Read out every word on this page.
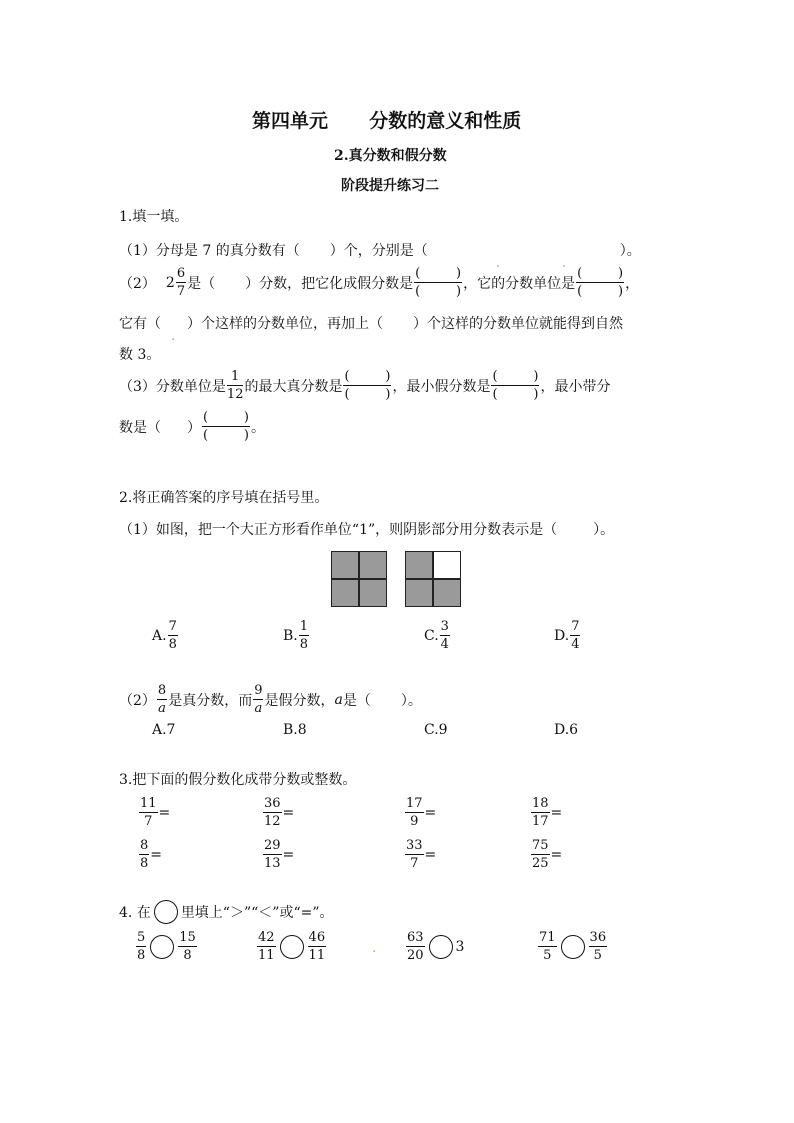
第四单元 分数的意义和性质
2.真分数和假分数
阶段提升练习二
1.填一填。
（1）分母是 7 的真分数有（ ）个，分别是（
.	.
）。
（2） $2 \frac{6}{7}$ 是（ ）分数，把它化成假分数是 (	)
(	) ，它的分数单位是 (	)
(	) ，
它有（
.
）个这样的分数单位，再加上（ ）个这样的分数单位就能得到自然
数 3。
（3）分数单位是 $\frac{1}{12}$ 的最大真分数是 (	)
(	) ，最小假分数是 (	)
(	) ，最小带分
数是（ ） (	)
(	) 。
2.将正确答案的序号填在括号里。
（1）如图，把一个大正方形看作单位“1”，则阴影部分用分数表示是（	）。
A. $\frac{7}{8}$	B. $\frac{1}{8}$	C. $\frac{3}{4}$	D. $\frac{7}{4}$
$(2) \frac{8}{a}$ 是真分数，而 $\frac{9}{a}$ 是假分数， a 是（ ）。
A.7	B.8	C.9	D.6
3.把下面的假分数化成带分数或整数。
$\frac{11}{7}$ =	$\frac{36}{12}$ =	$\frac{17}{9}$ =	$\frac{18}{17}$ =
$\frac{8}{8}$ =	$\frac{29}{13}$ =	$\frac{33}{7}$ =	$\frac{75}{25}$ =
4. 在 里填上“＞”“＜”或“=”。
$\frac{5}{8} \frac{15}{8}$	$\frac{42}{11} \frac{46}{11}$	. $\frac{63}{20} 3$	$\frac{71}{5} \frac{36}{5}$
